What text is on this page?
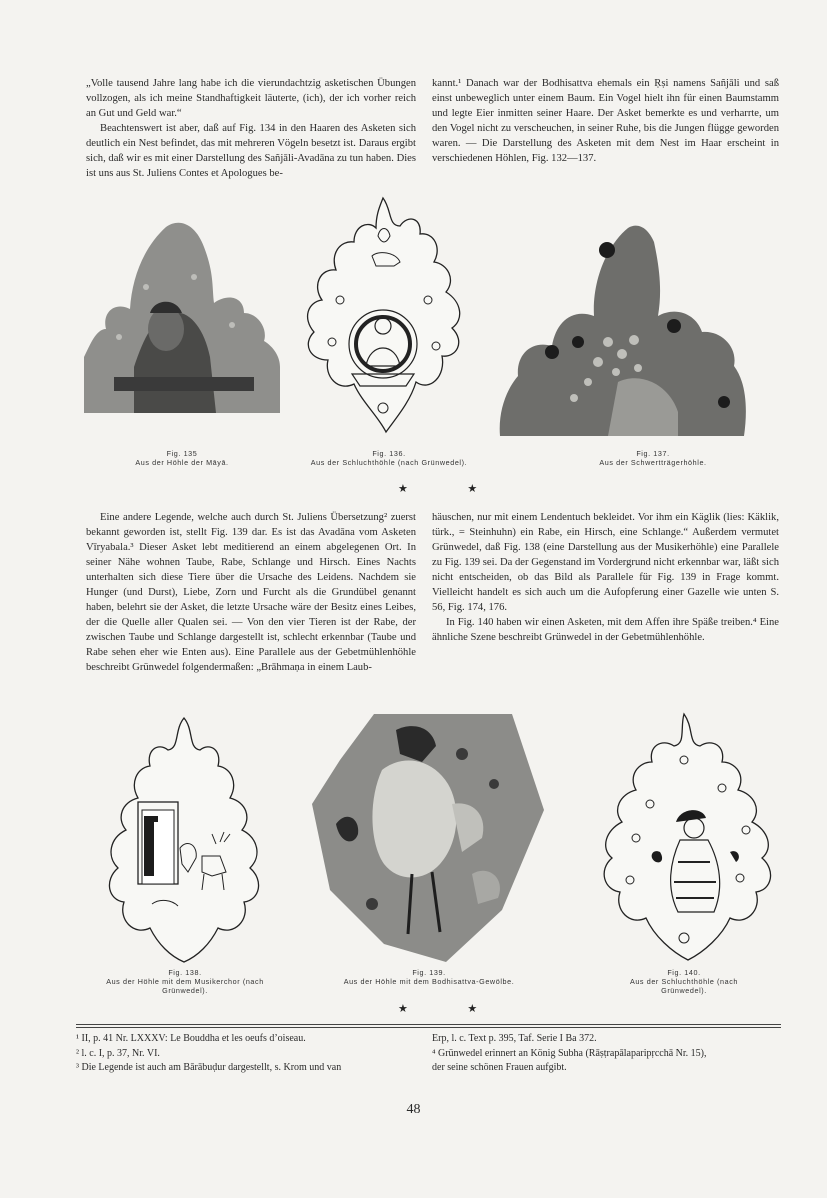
„Volle tausend Jahre lang habe ich die vierundachtzig asketischen Übungen vollzogen, als ich meine Standhaftigkeit läuterte, (ich), der ich vorher reich an Gut und Geld war.“

Beachtenswert ist aber, daß auf Fig. 134 in den Haaren des Asketen sich deutlich ein Nest befindet, das mit mehreren Vögeln besetzt ist. Daraus ergibt sich, daß wir es mit einer Darstellung des Sañjāli-Avadāna zu tun haben. Dies ist uns aus St. Juliens Contes et Apologues be-

kannt.¹ Danach war der Bodhisattva ehemals ein Ṛṣi namens Sañjāli und saß einst unbeweglich unter einem Baum. Ein Vogel hielt ihn für einen Baumstamm und legte Eier inmitten seiner Haare. Der Asket bemerkte es und verharrte, um den Vogel nicht zu verscheuchen, in seiner Ruhe, bis die Jungen flügge geworden waren. — Die Darstellung des Asketen mit dem Nest im Haar erscheint in verschiedenen Höhlen, Fig. 132—137.

Fig. 135
Aus der Höhle der Māyā.
Fig. 136.
Aus der Schluchthöhle (nach Grünwedel).
Fig. 137.
Aus der Schwertträgerhöhle.
★ ★

Eine andere Legende, welche auch durch St. Juliens Übersetzung² zuerst bekannt geworden ist, stellt Fig. 139 dar. Es ist das Avadāna vom Asketen Vīryabala.³ Dieser Asket lebt meditierend an einem abgelegenen Ort. In seiner Nähe wohnen Taube, Rabe, Schlange und Hirsch. Eines Nachts unterhalten sich diese Tiere über die Ursache des Leidens. Nachdem sie Hunger (und Durst), Liebe, Zorn und Furcht als die Grundübel genannt haben, belehrt sie der Asket, die letzte Ursache wäre der Besitz eines Leibes, der die Quelle aller Qualen sei. — Von den vier Tieren ist der Rabe, der zwischen Taube und Schlange dargestellt ist, schlecht erkennbar (Taube und Rabe sehen eher wie Enten aus). Eine Parallele aus der Gebetmühlenhöhle beschreibt Grünwedel folgendermaßen: „Brāhmaṇa in einem Laub-

häuschen, nur mit einem Lendentuch bekleidet. Vor ihm ein Käglik (lies: Käklik, türk., = Steinhuhn) ein Rabe, ein Hirsch, eine Schlange.“ Außerdem vermutet Grünwedel, daß Fig. 138 (eine Darstellung aus der Musikerhöhle) eine Parallele zu Fig. 139 sei. Da der Gegenstand im Vordergrund nicht erkennbar war, läßt sich nicht entscheiden, ob das Bild als Parallele für Fig. 139 in Frage kommt. Vielleicht handelt es sich auch um die Aufopferung einer Gazelle wie unten S. 56, Fig. 174, 176.

In Fig. 140 haben wir einen Asketen, mit dem Affen ihre Späße treiben.⁴ Eine ähnliche Szene beschreibt Grünwedel in der Gebetmühlenhöhle.

Fig. 138.
Aus der Höhle mit dem Musikerchor (nach Grünwedel).
Fig. 139.
Aus der Höhle mit dem Bodhisattva-Gewölbe.
Fig. 140.
Aus der Schluchthöhle (nach Grünwedel).
★ ★
¹ II, p. 41 Nr. LXXXV: Le Bouddha et les oeufs d’oiseau.
² l. c. I, p. 37, Nr. VI.
³ Die Legende ist auch am Bārābuḍur dargestellt, s. Krom und van
Erp, l. c. Text p. 395, Taf. Serie I Ba 372.
⁴ Grünwedel erinnert an König Subha (Rāṣṭrapālaparipṛcchā Nr. 15),
der seine schönen Frauen aufgibt.
48
